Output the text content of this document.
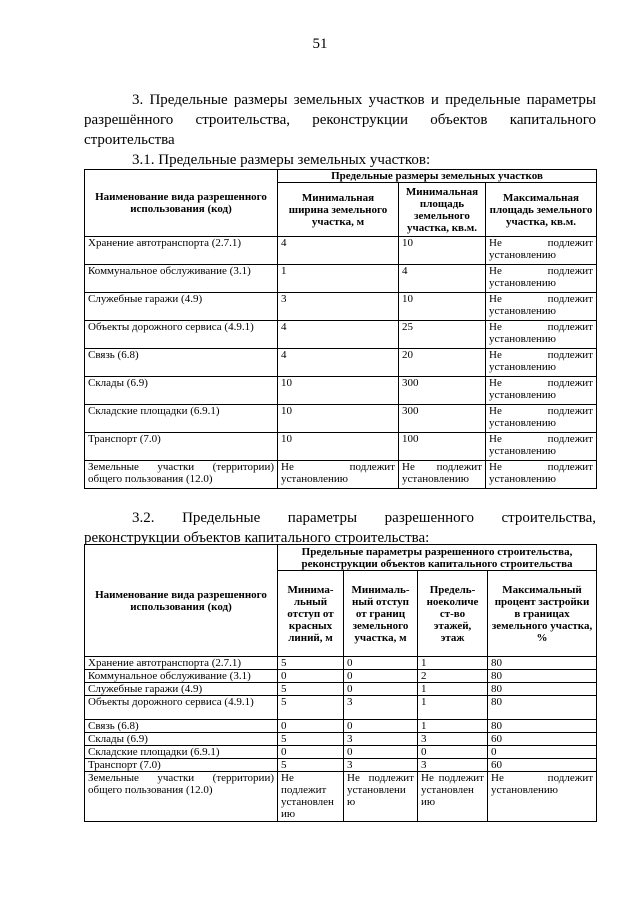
51
3. Предельные размеры земельных участков и предельные параметры
разрешённого строительства, реконструкции объектов капитального
строительства
3.1. Предельные размеры земельных участков:
Наименование вида разрешенного использования (код)	Предельные размеры земельных участков		
	Минимальная ширина земельного участка, м	Минимальная площадь земельного участка, кв.м.	Максимальная площадь земельного участка, кв.м.
Хранение автотранспорта (2.7.1)	4	10	Не подлежит установлению
Коммунальное обслуживание (3.1)	1	4	Не подлежит установлению
Служебные гаражи (4.9)	3	10	Не подлежит установлению
Объекты дорожного сервиса (4.9.1)	4	25	Не подлежит установлению
Связь (6.8)	4	20	Не подлежит установлению
Склады (6.9)	10	300	Не подлежит установлению
Складские площадки (6.9.1)	10	300	Не подлежит установлению
Транспорт (7.0)	10	100	Не подлежит установлению
Земельные участки (территории) общего пользования (12.0)	Не подлежит установлению	Не подлежит установлению	Не подлежит установлению
3.2. Предельные параметры разрешенного строительства,
реконструкции объектов капитального строительства:
Наименование вида разрешенного использования (код)	Предельные параметры разрешенного строительства, реконструкции объектов капитального строительства			
	Минима-льный отступ от красных линий, м	Минималь-ный отступ от границ земельного участка, м	Предель-ноеколиче ст-во этажей, этаж	Максимальный процент застройки в границах земельного участка, %
Хранение автотранспорта (2.7.1)	5	0	1	80
Коммунальное обслуживание (3.1)	0	0	2	80
Служебные гаражи (4.9)	5	0	1	80
Объекты дорожного сервиса (4.9.1)	5	3	1	80
Связь (6.8)	0	0	1	80
Склады (6.9)	5	3	3	60
Складские площадки (6.9.1)	0	0	0	0
Транспорт (7.0)	5	3	3	60
Земельные участки (территории) общего пользования (12.0)	Не подлежит установлен ию	Не подлежит установлени ю	Не подлежит установлен ию	Не подлежит установлению
